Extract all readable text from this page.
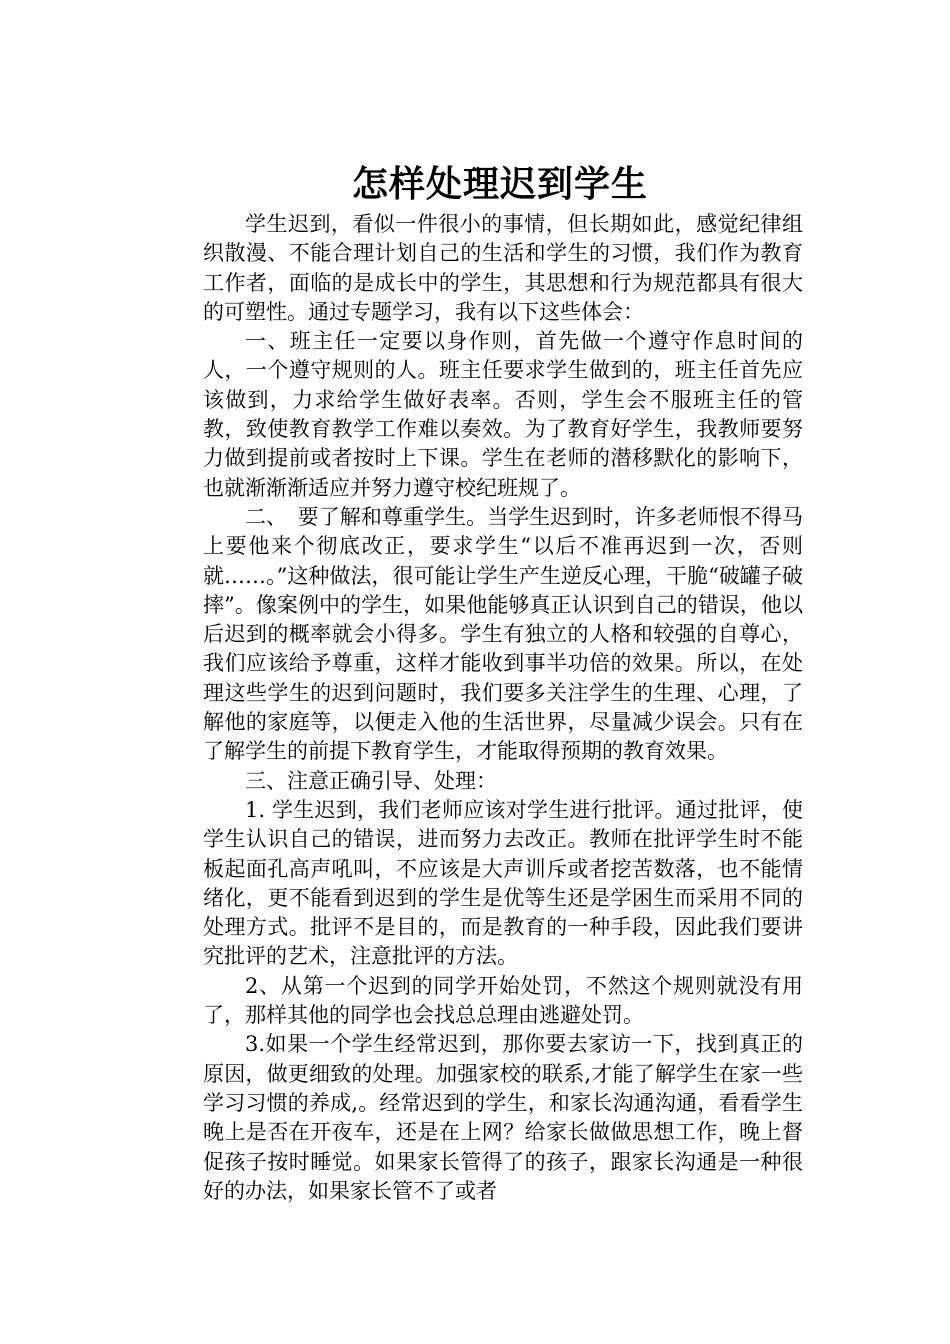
怎样处理迟到学生

学生迟到，看似一件很小的事情，但长期如此，感觉纪律组织散漫、不能合理计划自己的生活和学生的习惯，我们作为教育工作者，面临的是成长中的学生，其思想和行为规范都具有很大的可塑性。通过专题学习，我有以下这些体会：

一、班主任一定要以身作则，首先做一个遵守作息时间的人，一个遵守规则的人。班主任要求学生做到的，班主任首先应该做到，力求给学生做好表率。否则，学生会不服班主任的管教，致使教育教学工作难以奏效。为了教育好学生，我教师要努力做到提前或者按时上下课。学生在老师的潜移默化的影响下，也就渐渐渐适应并努力遵守校纪班规了。

二、　要了解和尊重学生。当学生迟到时，许多老师恨不得马上要他来个彻底改正，要求学生“以后不准再迟到一次，否则就……。”这种做法，很可能让学生产生逆反心理，干脆“破罐子破摔”。像案例中的学生，如果他能够真正认识到自己的错误，他以后迟到的概率就会小得多。学生有独立的人格和较强的自尊心，我们应该给予尊重，这样才能收到事半功倍的效果。所以，在处理这些学生的迟到问题时，我们要多关注学生的生理、心理，了解他的家庭等，以便走入他的生活世界，尽量减少误会。只有在了解学生的前提下教育学生，才能取得预期的教育效果。

三、注意正确引导、处理：

1. 学生迟到，我们老师应该对学生进行批评。通过批评，使学生认识自己的错误，进而努力去改正。教师在批评学生时不能板起面孔高声吼叫，不应该是大声训斥或者挖苦数落，也不能情绪化，更不能看到迟到的学生是优等生还是学困生而采用不同的处理方式。批评不是目的，而是教育的一种手段，因此我们要讲究批评的艺术，注意批评的方法。

2、从第一个迟到的同学开始处罚，不然这个规则就没有用了，那样其他的同学也会找总总理由逃避处罚。

3.如果一个学生经常迟到，那你要去家访一下，找到真正的原因，做更细致的处理。加强家校的联系,才能了解学生在家一些学习习惯的养成,。经常迟到的学生，和家长沟通沟通，看看学生晚上是否在开夜车，还是在上网？给家长做做思想工作，晚上督促孩子按时睡觉。如果家长管得了的孩子，跟家长沟通是一种很好的办法，如果家长管不了或者
